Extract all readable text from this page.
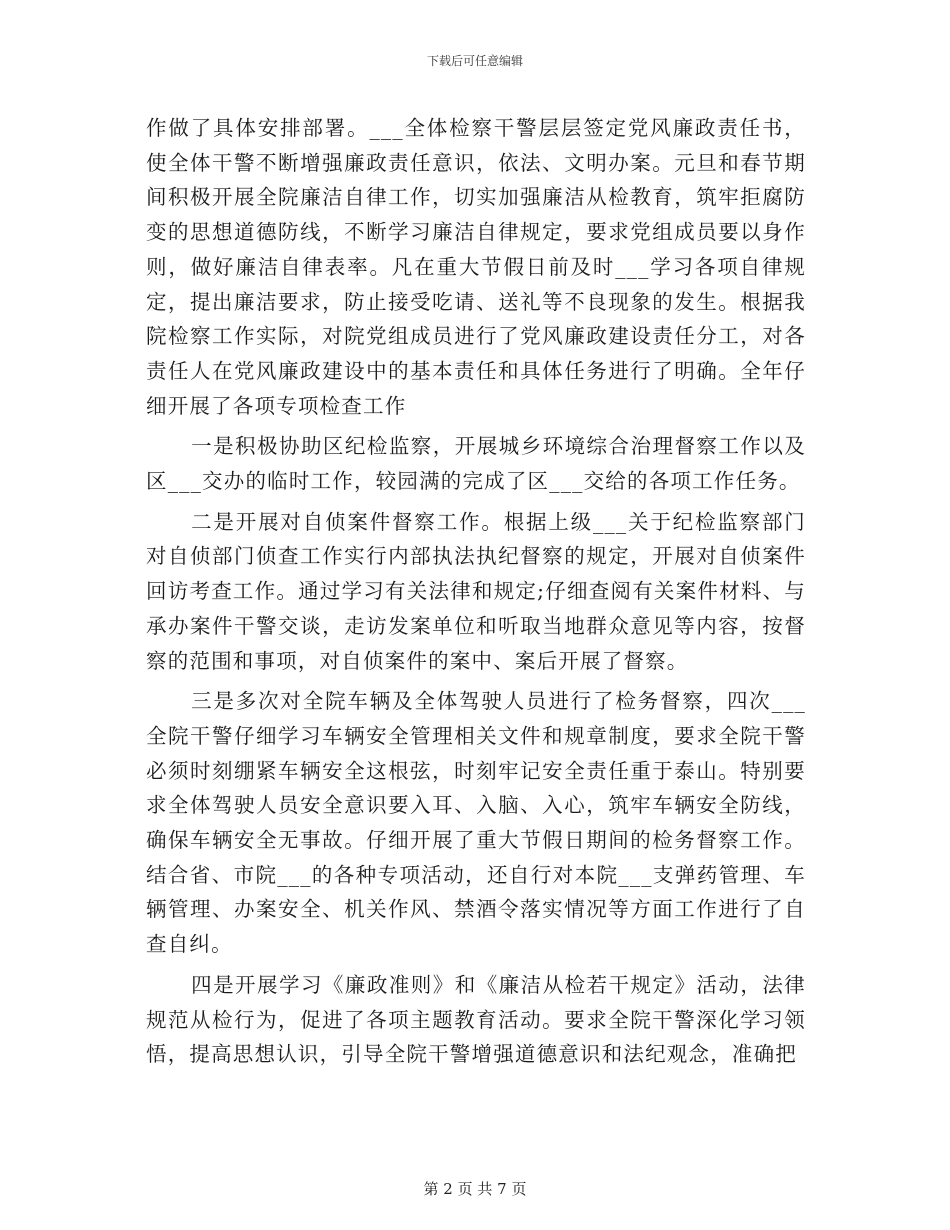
下载后可任意编辑

作做了具体安排部署。___全体检察干警层层签定党风廉政责任书，使全体干警不断增强廉政责任意识，依法、文明办案。元旦和春节期间积极开展全院廉洁自律工作，切实加强廉洁从检教育，筑牢拒腐防变的思想道德防线，不断学习廉洁自律规定，要求党组成员要以身作则，做好廉洁自律表率。凡在重大节假日前及时___学习各项自律规定，提出廉洁要求，防止接受吃请、送礼等不良现象的发生。根据我院检察工作实际，对院党组成员进行了党风廉政建设责任分工，对各责任人在党风廉政建设中的基本责任和具体任务进行了明确。全年仔细开展了各项专项检查工作

一是积极协助区纪检监察，开展城乡环境综合治理督察工作以及区___交办的临时工作，较园满的完成了区___交给的各项工作任务。

二是开展对自侦案件督察工作。根据上级___关于纪检监察部门对自侦部门侦查工作实行内部执法执纪督察的规定，开展对自侦案件回访考查工作。通过学习有关法律和规定;仔细查阅有关案件材料、与承办案件干警交谈，走访发案单位和听取当地群众意见等内容，按督察的范围和事项，对自侦案件的案中、案后开展了督察。

三是多次对全院车辆及全体驾驶人员进行了检务督察，四次___全院干警仔细学习车辆安全管理相关文件和规章制度，要求全院干警必须时刻绷紧车辆安全这根弦，时刻牢记安全责任重于泰山。特别要求全体驾驶人员安全意识要入耳、入脑、入心，筑牢车辆安全防线，确保车辆安全无事故。仔细开展了重大节假日期间的检务督察工作。结合省、市院___的各种专项活动，还自行对本院___支弹药管理、车辆管理、办案安全、机关作风、禁酒令落实情况等方面工作进行了自查自纠。

四是开展学习《廉政准则》和《廉洁从检若干规定》活动，法律规范从检行为，促进了各项主题教育活动。要求全院干警深化学习领悟，提高思想认识，引导全院干警增强道德意识和法纪观念，准确把

第 2 页 共 7 页
